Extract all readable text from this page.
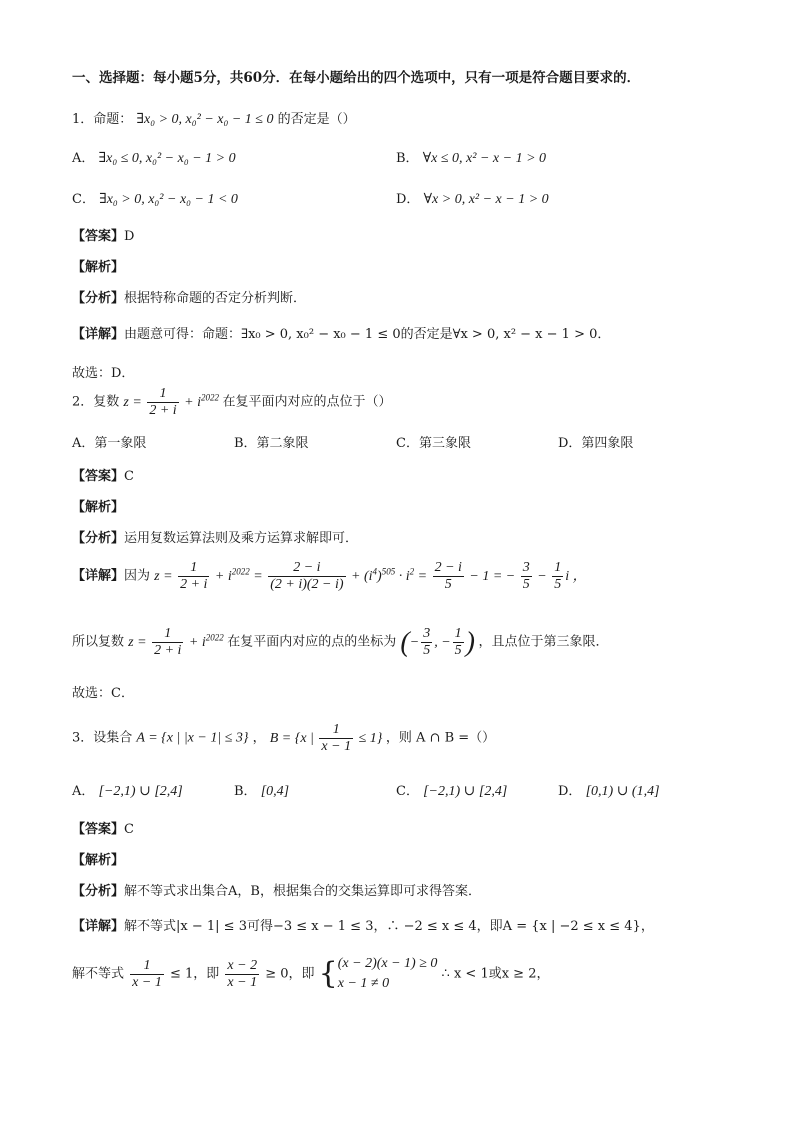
一、选择题：每小题5分，共60分．在每小题给出的四个选项中，只有一项是符合题目要求的．
1．命题： ∃x₀ > 0, x₀² − x₀ − 1 ≤ 0 的否定是（）
A． ∃x₀ ≤ 0, x₀² − x₀ − 1 > 0	B． ∀x ≤ 0, x² − x − 1 > 0
C． ∃x₀ > 0, x₀² − x₀ − 1 < 0	D． ∀x > 0, x² − x − 1 > 0
【答案】D
【解析】
【分析】根据特称命题的否定分析判断．
【详解】由题意可得：命题：∃x₀ > 0, x₀² − x₀ − 1 ≤ 0的否定是∀x > 0, x² − x − 1 > 0．
故选：D．
2．复数 $z = \frac{1}{2 + i} + i^{2022}$ 在复平面内对应的点位于（）
A．第一象限	B．第二象限	C．第三象限	D．第四象限
【答案】C
【解析】
【分析】运用复数运算法则及乘方运算求解即可．
【详解】因为 $z = \frac{1}{2 + i} + i^{2022} = \frac{2 - i}{(2 + i)(2 - i)} + (i^4)^{505} \cdot i^2 = \frac{2 - i}{5} - 1$ = − $\frac{3}{5} - \frac{1}{5}$ i ，
所以复数 $z = \frac{1}{2 + i} + i^{2022}$ 在复平面内对应的点的坐标为 (− $\frac{3}{5}$ , − $\frac{1}{5}$ ) ，且点位于第三象限．
故选：C．
3．设集合 A = {x | |x − 1| ≤ 3} ， B = {x | $\frac{1}{x - 1} \le 1$} ，则 A ∩ B =（）
A． [−2,1) ∪ [2,4]	B． [0,4]	C． [−2,1) ∪ [2,4]	D． [0,1) ∪ (1,4]
【答案】C
【解析】
【分析】解不等式求出集合A，B，根据集合的交集运算即可求得答案．
【详解】解不等式|x − 1| ≤ 3可得−3 ≤ x − 1 ≤ 3，∴ −2 ≤ x ≤ 4，即A = {x | −2 ≤ x ≤ 4}，
解不等式 $\frac{1}{x - 1} \le 1$，即 $\frac{x - 2}{x - 1} \ge 0$，即 {(x − 2)(x − 1) ≥ 0
x − 1 ≠ 0 ∴ x < 1或x ≥ 2，
